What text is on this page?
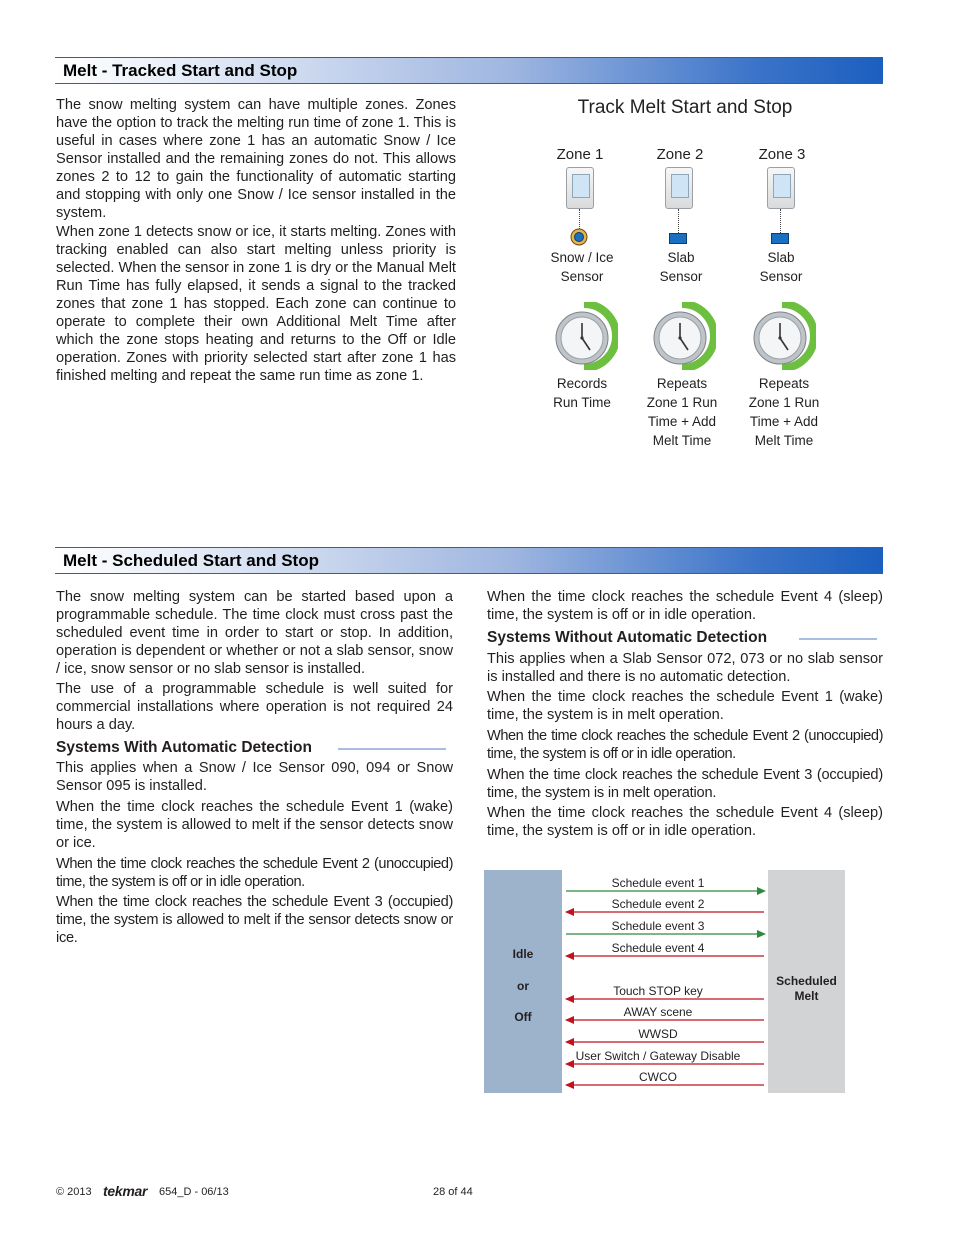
Melt - Tracked Start and Stop

The snow melting system can have multiple zones. Zones have the option to track the melting run time of zone 1. This is useful in cases where zone 1 has an automatic Snow / Ice Sensor installed and the remaining zones do not. This allows zones 2 to 12 to gain the functionality of automatic starting and stopping with only one Snow / Ice sensor installed in the system.

When zone 1 detects snow or ice, it starts melting. Zones with tracking enabled can also start melting unless priority is selected. When the sensor in zone 1 is dry or the Manual Melt Run Time has fully elapsed, it sends a signal to the tracked zones that zone 1 has stopped. Each zone can continue to operate to complete their own Additional Melt Time after which the zone stops heating and returns to the Off or Idle operation. Zones with priority selected start after zone 1 has finished melting and repeat the same run time as zone 1.

Track Melt Start and Stop
Zone 1	Zone 2	Zone 3
Snow / Ice
Sensor
Slab
Sensor
Slab
Sensor
Records
Run Time
Repeats
Zone 1 Run
Time + Add
Melt Time
Repeats
Zone 1 Run
Time + Add
Melt Time
Melt - Scheduled Start and Stop

The snow melting system can be started based upon a programmable schedule. The time clock must cross past the scheduled event time in order to start or stop. In addition, operation is dependent or whether or not a slab sensor, snow / ice, snow sensor or no slab sensor is installed.

The use of a programmable schedule is well suited for commercial installations where operation is not required 24 hours a day.

Systems With Automatic Detection

This applies when a Snow / Ice Sensor 090, 094 or Snow Sensor 095 is installed.

When the time clock reaches the schedule Event 1 (wake) time, the system is allowed to melt if the sensor detects snow or ice.

When the time clock reaches the schedule Event 2 (unoccupied) time, the system is off or in idle operation.

When the time clock reaches the schedule Event 3 (occupied) time, the system is allowed to melt if the sensor detects snow or ice.

When the time clock reaches the schedule Event 4 (sleep) time, the system is off or in idle operation.

Systems Without Automatic Detection

This applies when a Slab Sensor 072, 073 or no slab sensor is installed and there is no automatic detection.

When the time clock reaches the schedule Event 1 (wake) time, the system is in melt operation.

When the time clock reaches the schedule Event 2 (unoccupied) time, the system is off or in idle operation.

When the time clock reaches the schedule Event 3 (occupied) time, the system is in melt operation.

When the time clock reaches the schedule Event 4 (sleep) time, the system is off or in idle operation.

Idle
or
Off
Scheduled
Melt
Schedule event 1
Schedule event 2
Schedule event 3
Schedule event 4
Touch STOP key
AWAY scene
WWSD
User Switch / Gateway Disable
CWCO
© 2013 tekmar 654_D - 06/13	28 of 44
